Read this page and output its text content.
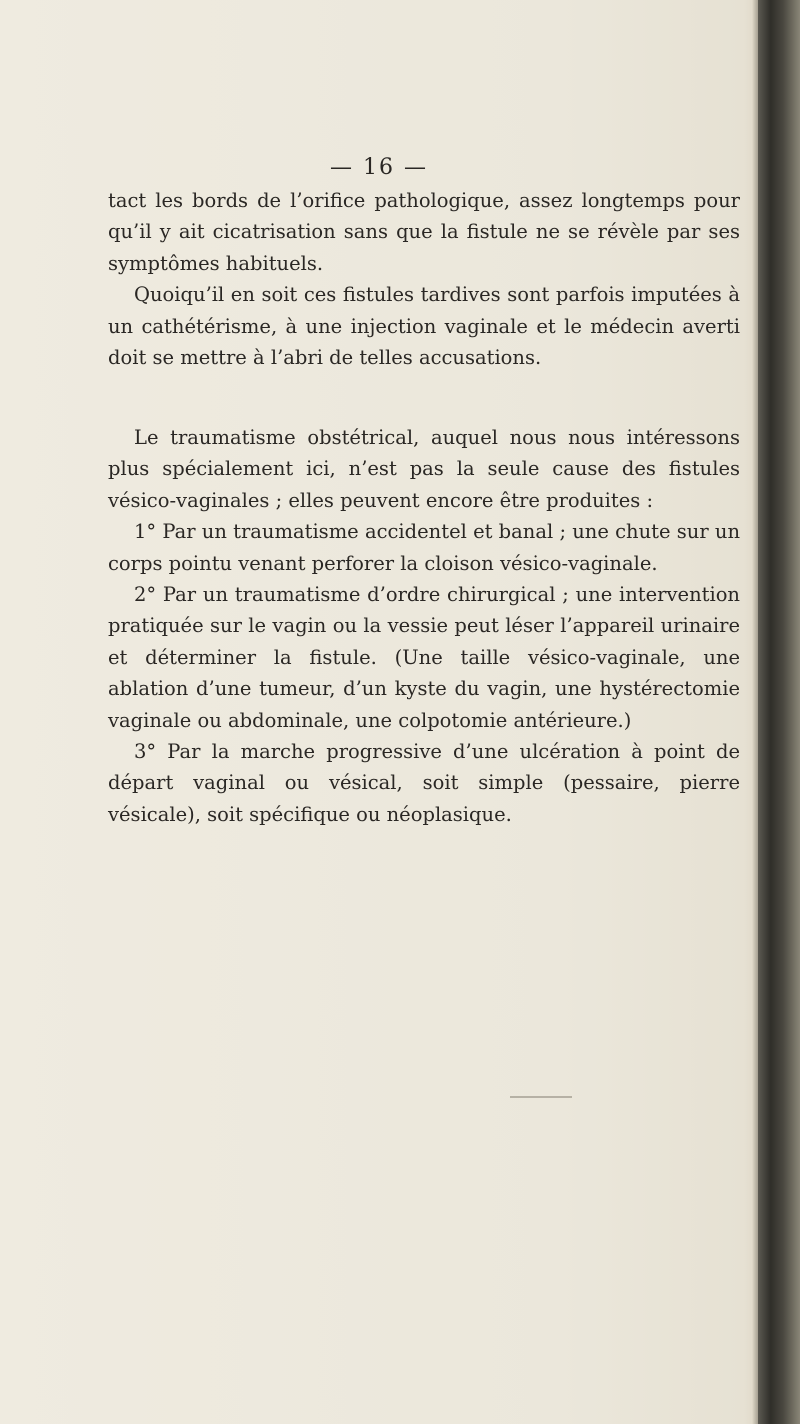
— 16 —

tact les bords de l’orifice pathologique, assez longtemps pour qu’il y ait cicatrisation sans que la fistule ne se révèle par ses symptômes habituels.

Quoiqu’il en soit ces fistules tardives sont parfois imputées à un cathétérisme, à une injection vaginale et le médecin averti doit se mettre à l’abri de telles accusations.

Le traumatisme obstétrical, auquel nous nous intéressons plus spécialement ici, n’est pas la seule cause des fistules vésico-vaginales ; elles peuvent encore être produites :

1° Par un traumatisme accidentel et banal ; une chute sur un corps pointu venant perforer la cloison vésico-vaginale.

2° Par un traumatisme d’ordre chirurgical ; une intervention pratiquée sur le vagin ou la vessie peut léser l’appareil urinaire et déterminer la fistule. (Une taille vésico-vaginale, une ablation d’une tumeur, d’un kyste du vagin, une hystérectomie vaginale ou abdominale, une colpotomie antérieure.)

3° Par la marche progressive d’une ulcération à point de départ vaginal ou vésical, soit simple (pessaire, pierre vésicale), soit spécifique ou néoplasique.
